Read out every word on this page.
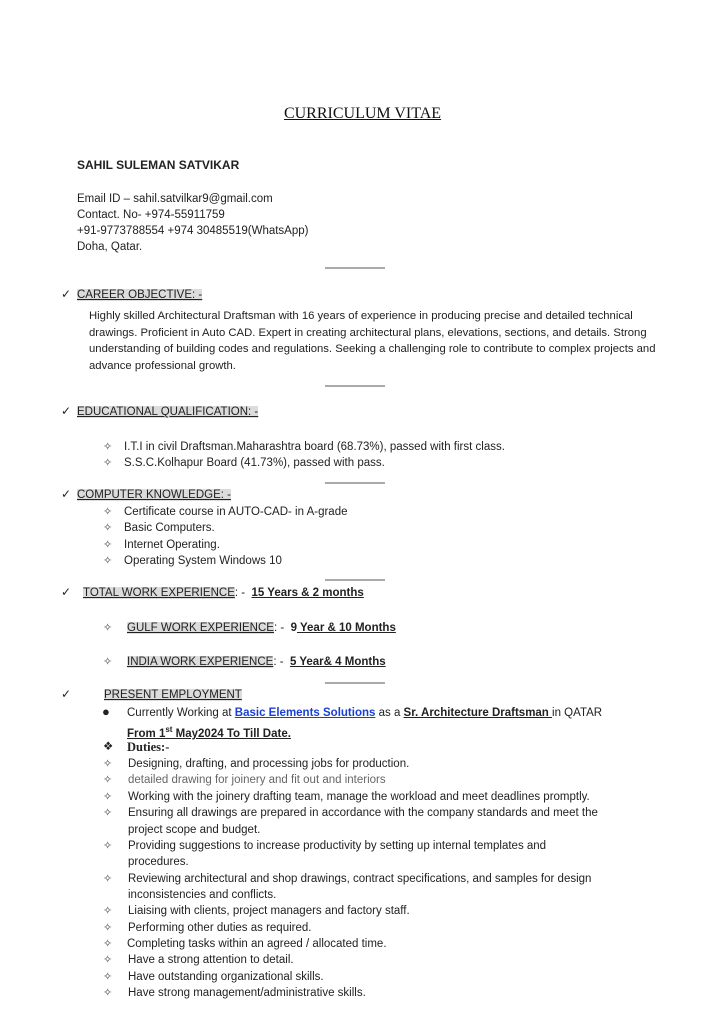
CURRICULUM VITAE
SAHIL SULEMAN SATVIKAR
Email ID – sahil.satvilkar9@gmail.com
Contact. No- +974-55911759
+91-9773788554 +974 30485519(WhatsApp)
Doha, Qatar.
✓ CAREER OBJECTIVE: -
Highly skilled Architectural Draftsman with 16 years of experience in producing precise and detailed technical drawings. Proficient in Auto CAD. Expert in creating architectural plans, elevations, sections, and details. Strong understanding of building codes and regulations. Seeking a challenging role to contribute to complex projects and advance professional growth.
✓ EDUCATIONAL QUALIFICATION: -
✧ I.T.I in civil Draftsman.Maharashtra board (68.73%), passed with first class.
✧ S.S.C.Kolhapur Board (41.73%), passed with pass.
✓ COMPUTER KNOWLEDGE: -
✧ Certificate course in AUTO-CAD- in A-grade
✧ Basic Computers.
✧ Internet Operating.
✧ Operating System Windows 10
✓ TOTAL WORK EXPERIENCE: - 15 Years & 2 months
✧ GULF WORK EXPERIENCE: - 9 Year & 10 Months
✧ INDIA WORK EXPERIENCE: - 5 Year& 4 Months
✓	PRESENT EMPLOYMENT
● Currently Working at Basic Elements Solutions as a Sr. Architecture Draftsman in QATAR
From 1st May2024 To Till Date.
❖ Duties:-
✧ Designing, drafting, and processing jobs for production.
✧ detailed drawing for joinery and fit out and interiors
✧ Working with the joinery drafting team, manage the workload and meet deadlines promptly.
✧ Ensuring all drawings are prepared in accordance with the company standards and meet the
project scope and budget.
✧ Providing suggestions to increase productivity by setting up internal templates and
procedures.
✧ Reviewing architectural and shop drawings, contract specifications, and samples for design
inconsistencies and conflicts.
✧ Liaising with clients, project managers and factory staff.
✧ Performing other duties as required.
✧ Completing tasks within an agreed / allocated time.
✧ Have a strong attention to detail.
✧ Have outstanding organizational skills.
✧ Have strong management/administrative skills.
